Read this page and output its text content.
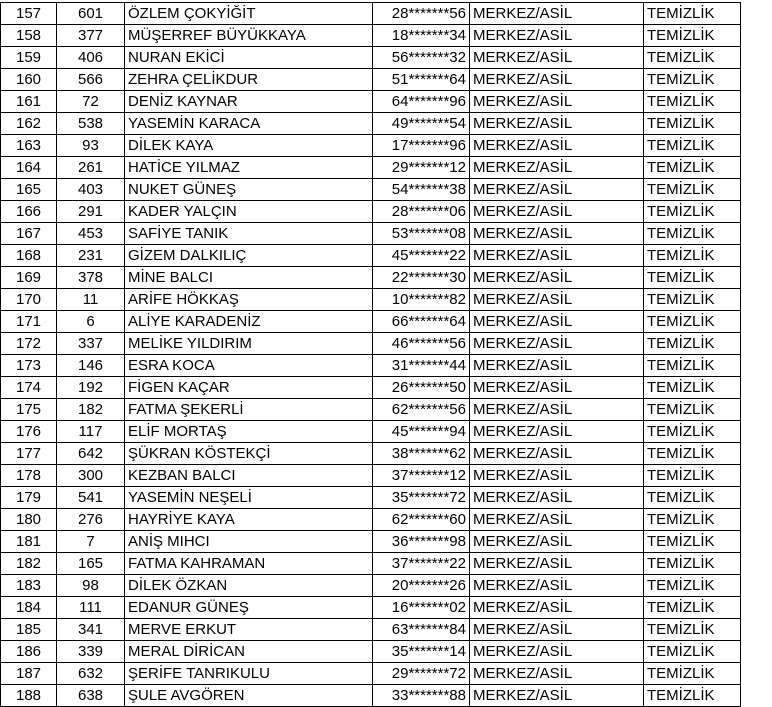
157	601	ÖZLEM ÇOKYİĞİT	28*******56	MERKEZ/ASİL	TEMİZLİK
158	377	MÜŞERREF BÜYÜKKAYA	18*******34	MERKEZ/ASİL	TEMİZLİK
159	406	NURAN EKİCİ	56*******32	MERKEZ/ASİL	TEMİZLİK
160	566	ZEHRA ÇELİKDUR	51*******64	MERKEZ/ASİL	TEMİZLİK
161	72	DENİZ KAYNAR	64*******96	MERKEZ/ASİL	TEMİZLİK
162	538	YASEMİN KARACA	49*******54	MERKEZ/ASİL	TEMİZLİK
163	93	DİLEK KAYA	17*******96	MERKEZ/ASİL	TEMİZLİK
164	261	HATİCE YILMAZ	29*******12	MERKEZ/ASİL	TEMİZLİK
165	403	NUKET GÜNEŞ	54*******38	MERKEZ/ASİL	TEMİZLİK
166	291	KADER YALÇIN	28*******06	MERKEZ/ASİL	TEMİZLİK
167	453	SAFİYE TANIK	53*******08	MERKEZ/ASİL	TEMİZLİK
168	231	GİZEM DALKILIÇ	45*******22	MERKEZ/ASİL	TEMİZLİK
169	378	MİNE BALCI	22*******30	MERKEZ/ASİL	TEMİZLİK
170	11	ARİFE HÖKKAŞ	10*******82	MERKEZ/ASİL	TEMİZLİK
171	6	ALİYE KARADENİZ	66*******64	MERKEZ/ASİL	TEMİZLİK
172	337	MELİKE YILDIRIM	46*******56	MERKEZ/ASİL	TEMİZLİK
173	146	ESRA KOCA	31*******44	MERKEZ/ASİL	TEMİZLİK
174	192	FİGEN KAÇAR	26*******50	MERKEZ/ASİL	TEMİZLİK
175	182	FATMA ŞEKERLİ	62*******56	MERKEZ/ASİL	TEMİZLİK
176	117	ELİF MORTAŞ	45*******94	MERKEZ/ASİL	TEMİZLİK
177	642	ŞÜKRAN KÖSTEKÇİ	38*******62	MERKEZ/ASİL	TEMİZLİK
178	300	KEZBAN BALCI	37*******12	MERKEZ/ASİL	TEMİZLİK
179	541	YASEMİN NEŞELİ	35*******72	MERKEZ/ASİL	TEMİZLİK
180	276	HAYRİYE KAYA	62*******60	MERKEZ/ASİL	TEMİZLİK
181	7	ANİŞ MIHCI	36*******98	MERKEZ/ASİL	TEMİZLİK
182	165	FATMA KAHRAMAN	37*******22	MERKEZ/ASİL	TEMİZLİK
183	98	DİLEK ÖZKAN	20*******26	MERKEZ/ASİL	TEMİZLİK
184	111	EDANUR GÜNEŞ	16*******02	MERKEZ/ASİL	TEMİZLİK
185	341	MERVE ERKUT	63*******84	MERKEZ/ASİL	TEMİZLİK
186	339	MERAL DİRİCAN	35*******14	MERKEZ/ASİL	TEMİZLİK
187	632	ŞERİFE TANRIKULU	29*******72	MERKEZ/ASİL	TEMİZLİK
188	638	ŞULE AVGÖREN	33*******88	MERKEZ/ASİL	TEMİZLİK
